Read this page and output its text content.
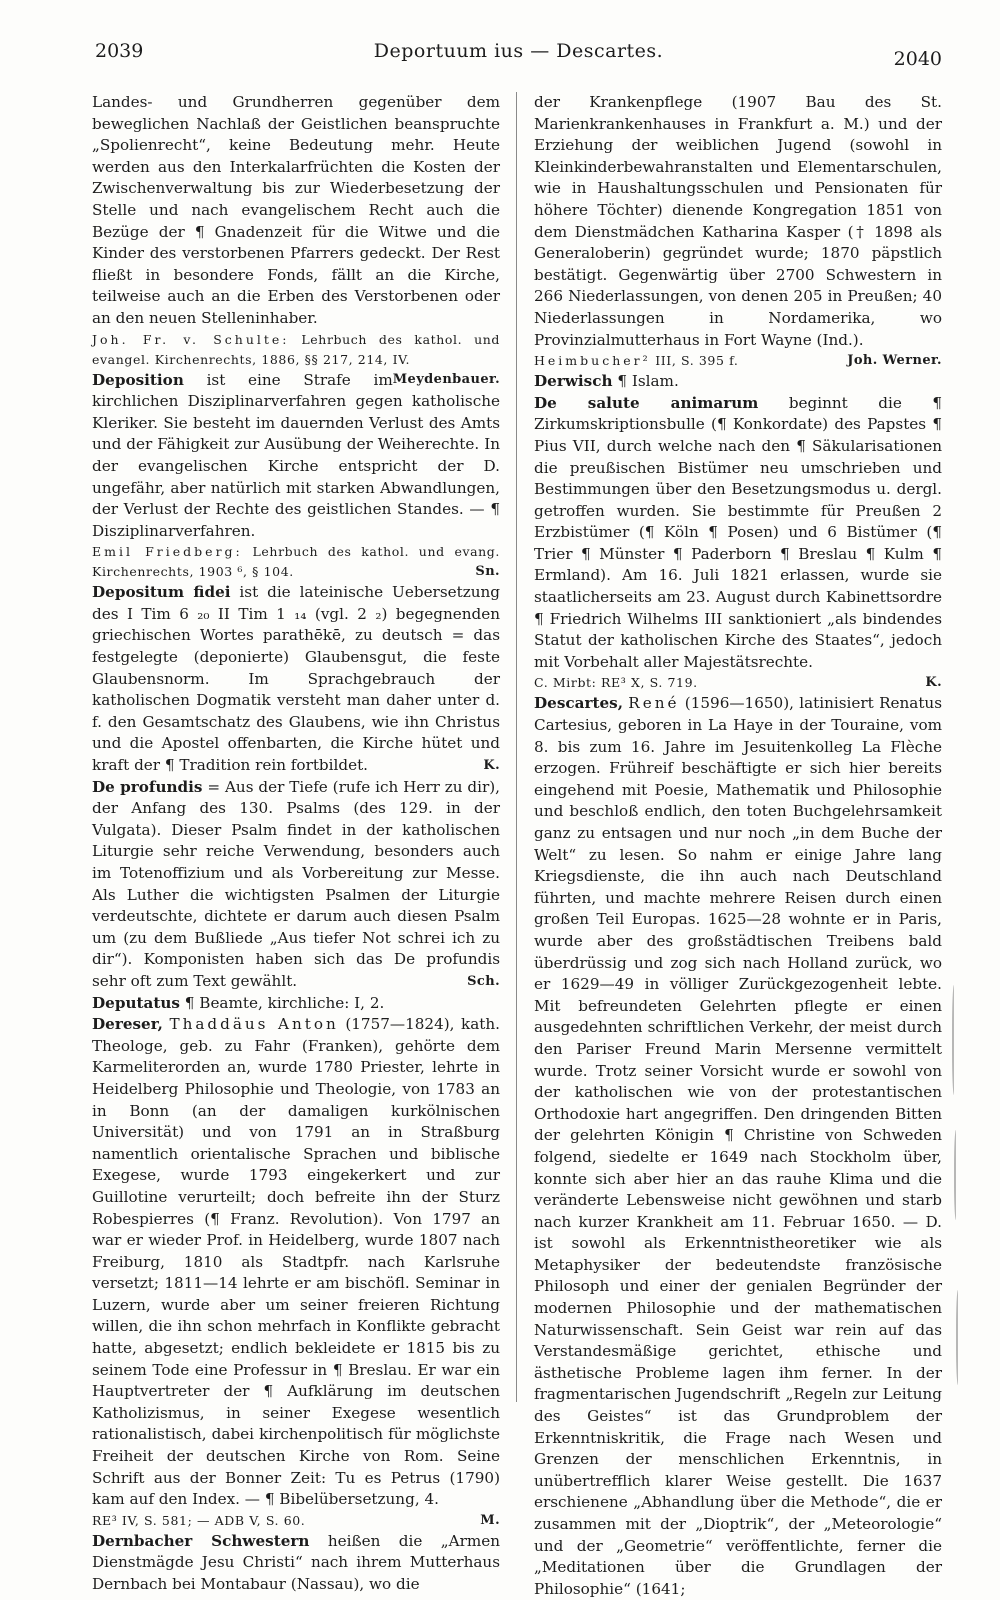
2039	Deportuum ius — Descartes.	2040

Landes- und Grundherren gegenüber dem beweglichen Nachlaß der Geistlichen beanspruchte „Spolienrecht“, keine Bedeutung mehr. Heute werden aus den Interkalarfrüchten die Kosten der Zwischenverwaltung bis zur Wiederbesetzung der Stelle und nach evangelischem Recht auch die Bezüge der ¶ Gnadenzeit für die Witwe und die Kinder des verstorbenen Pfarrers gedeckt. Der Rest fließt in besondere Fonds, fällt an die Kirche, teilweise auch an die Erben des Verstorbenen oder an den neuen Stelleninhaber.

Joh. Fr. v. Schulte: Lehrbuch des kathol. und evangel. Kirchenrechts, 1886, §§ 217, 214, IV.
Meydenbauer.

Deposition ist eine Strafe im kirchlichen Disziplinarverfahren gegen katholische Kleriker. Sie besteht im dauernden Verlust des Amts und der Fähigkeit zur Ausübung der Weiherechte. In der evangelischen Kirche entspricht der D. ungefähr, aber natürlich mit starken Abwandlungen, der Verlust der Rechte des geistlichen Standes. — ¶ Disziplinarverfahren.

Emil Friedberg: Lehrbuch des kathol. und evang. Kirchenrechts, 1903 ⁶, § 104.	Sn.

Depositum fidei ist die lateinische Uebersetzung des I Tim 6 ₂₀ II Tim 1 ₁₄ (vgl. 2 ₂) begegnenden griechischen Wortes parathēkē, zu deutsch = das festgelegte (deponierte) Glaubensgut, die feste Glaubensnorm. Im Sprachgebrauch der katholischen Dogmatik versteht man daher unter d. f. den Gesamtschatz des Glaubens, wie ihn Christus und die Apostel offenbarten, die Kirche hütet und kraft der ¶ Tradition rein fortbildet.	K.

De profundis = Aus der Tiefe (rufe ich Herr zu dir), der Anfang des 130. Psalms (des 129. in der Vulgata). Dieser Psalm findet in der katholischen Liturgie sehr reiche Verwendung, besonders auch im Totenoffizium und als Vorbereitung zur Messe. Als Luther die wichtigsten Psalmen der Liturgie verdeutschte, dichtete er darum auch diesen Psalm um (zu dem Bußliede „Aus tiefer Not schrei ich zu dir“). Komponisten haben sich das De profundis sehr oft zum Text gewählt.	Sch.

Deputatus ¶ Beamte, kirchliche: I, 2.

Dereser, Thaddäus Anton (1757—1824), kath. Theologe, geb. zu Fahr (Franken), gehörte dem Karmeliterorden an, wurde 1780 Priester, lehrte in Heidelberg Philosophie und Theologie, von 1783 an in Bonn (an der damaligen kurkölnischen Universität) und von 1791 an in Straßburg namentlich orientalische Sprachen und biblische Exegese, wurde 1793 eingekerkert und zur Guillotine verurteilt; doch befreite ihn der Sturz Robespierres (¶ Franz. Revolution). Von 1797 an war er wieder Prof. in Heidelberg, wurde 1807 nach Freiburg, 1810 als Stadtpfr. nach Karlsruhe versetzt; 1811—14 lehrte er am bischöfl. Seminar in Luzern, wurde aber um seiner freieren Richtung willen, die ihn schon mehrfach in Konflikte gebracht hatte, abgesetzt; endlich bekleidete er 1815 bis zu seinem Tode eine Professur in ¶ Breslau. Er war ein Hauptvertreter der ¶ Aufklärung im deutschen Katholizismus, in seiner Exegese wesentlich rationalistisch, dabei kirchenpolitisch für möglichste Freiheit der deutschen Kirche von Rom. Seine Schrift aus der Bonner Zeit: Tu es Petrus (1790) kam auf den Index. — ¶ Bibelübersetzung, 4.

RE³ IV, S. 581; — ADB V, S. 60.	M.

Dernbacher Schwestern heißen die „Armen Dienstmägde Jesu Christi“ nach ihrem Mutterhaus Dernbach bei Montabaur (Nassau), wo die

der Krankenpflege (1907 Bau des St. Marienkrankenhauses in Frankfurt a. M.) und der Erziehung der weiblichen Jugend (sowohl in Kleinkinderbewahranstalten und Elementarschulen, wie in Haushaltungsschulen und Pensionaten für höhere Töchter) dienende Kongregation 1851 von dem Dienstmädchen Katharina Kasper († 1898 als Generaloberin) gegründet wurde; 1870 päpstlich bestätigt. Gegenwärtig über 2700 Schwestern in 266 Niederlassungen, von denen 205 in Preußen; 40 Niederlassungen in Nordamerika, wo Provinzialmutterhaus in Fort Wayne (Ind.).

Heimbucher² III, S. 395 f.	Joh. Werner.

Derwisch ¶ Islam.

De salute animarum beginnt die ¶ Zirkumskriptionsbulle (¶ Konkordate) des Papstes ¶ Pius VII, durch welche nach den ¶ Säkularisationen die preußischen Bistümer neu umschrieben und Bestimmungen über den Besetzungsmodus u. dergl. getroffen wurden. Sie bestimmte für Preußen 2 Erzbistümer (¶ Köln ¶ Posen) und 6 Bistümer (¶ Trier ¶ Münster ¶ Paderborn ¶ Breslau ¶ Kulm ¶ Ermland). Am 16. Juli 1821 erlassen, wurde sie staatlicherseits am 23. August durch Kabinettsordre ¶ Friedrich Wilhelms III sanktioniert „als bindendes Statut der katholischen Kirche des Staates“, jedoch mit Vorbehalt aller Majestätsrechte.

C. Mirbt: RE³ X, S. 719.	K.

Descartes, René (1596—1650), latinisiert Renatus Cartesius, geboren in La Haye in der Touraine, vom 8. bis zum 16. Jahre im Jesuitenkolleg La Flèche erzogen. Frühreif beschäftigte er sich hier bereits eingehend mit Poesie, Mathematik und Philosophie und beschloß endlich, den toten Buchgelehrsamkeit ganz zu entsagen und nur noch „in dem Buche der Welt“ zu lesen. So nahm er einige Jahre lang Kriegsdienste, die ihn auch nach Deutschland führten, und machte mehrere Reisen durch einen großen Teil Europas. 1625—28 wohnte er in Paris, wurde aber des großstädtischen Treibens bald überdrüssig und zog sich nach Holland zurück, wo er 1629—49 in völliger Zurückgezogenheit lebte. Mit befreundeten Gelehrten pflegte er einen ausgedehnten schriftlichen Verkehr, der meist durch den Pariser Freund Marin Mersenne vermittelt wurde. Trotz seiner Vorsicht wurde er sowohl von der katholischen wie von der protestantischen Orthodoxie hart angegriffen. Den dringenden Bitten der gelehrten Königin ¶ Christine von Schweden folgend, siedelte er 1649 nach Stockholm über, konnte sich aber hier an das rauhe Klima und die veränderte Lebensweise nicht gewöhnen und starb nach kurzer Krankheit am 11. Februar 1650. — D. ist sowohl als Erkenntnistheoretiker wie als Metaphysiker der bedeutendste französische Philosoph und einer der genialen Begründer der modernen Philosophie und der mathematischen Naturwissenschaft. Sein Geist war rein auf das Verstandesmäßige gerichtet, ethische und ästhetische Probleme lagen ihm ferner. In der fragmentarischen Jugendschrift „Regeln zur Leitung des Geistes“ ist das Grundproblem der Erkenntniskritik, die Frage nach Wesen und Grenzen der menschlichen Erkenntnis, in unübertrefflich klarer Weise gestellt. Die 1637 erschienene „Abhandlung über die Methode“, die er zusammen mit der „Dioptrik“, der „Meteorologie“ und der „Geometrie“ veröffentlichte, ferner die „Meditationen über die Grundlagen der Philosophie“ (1641;
